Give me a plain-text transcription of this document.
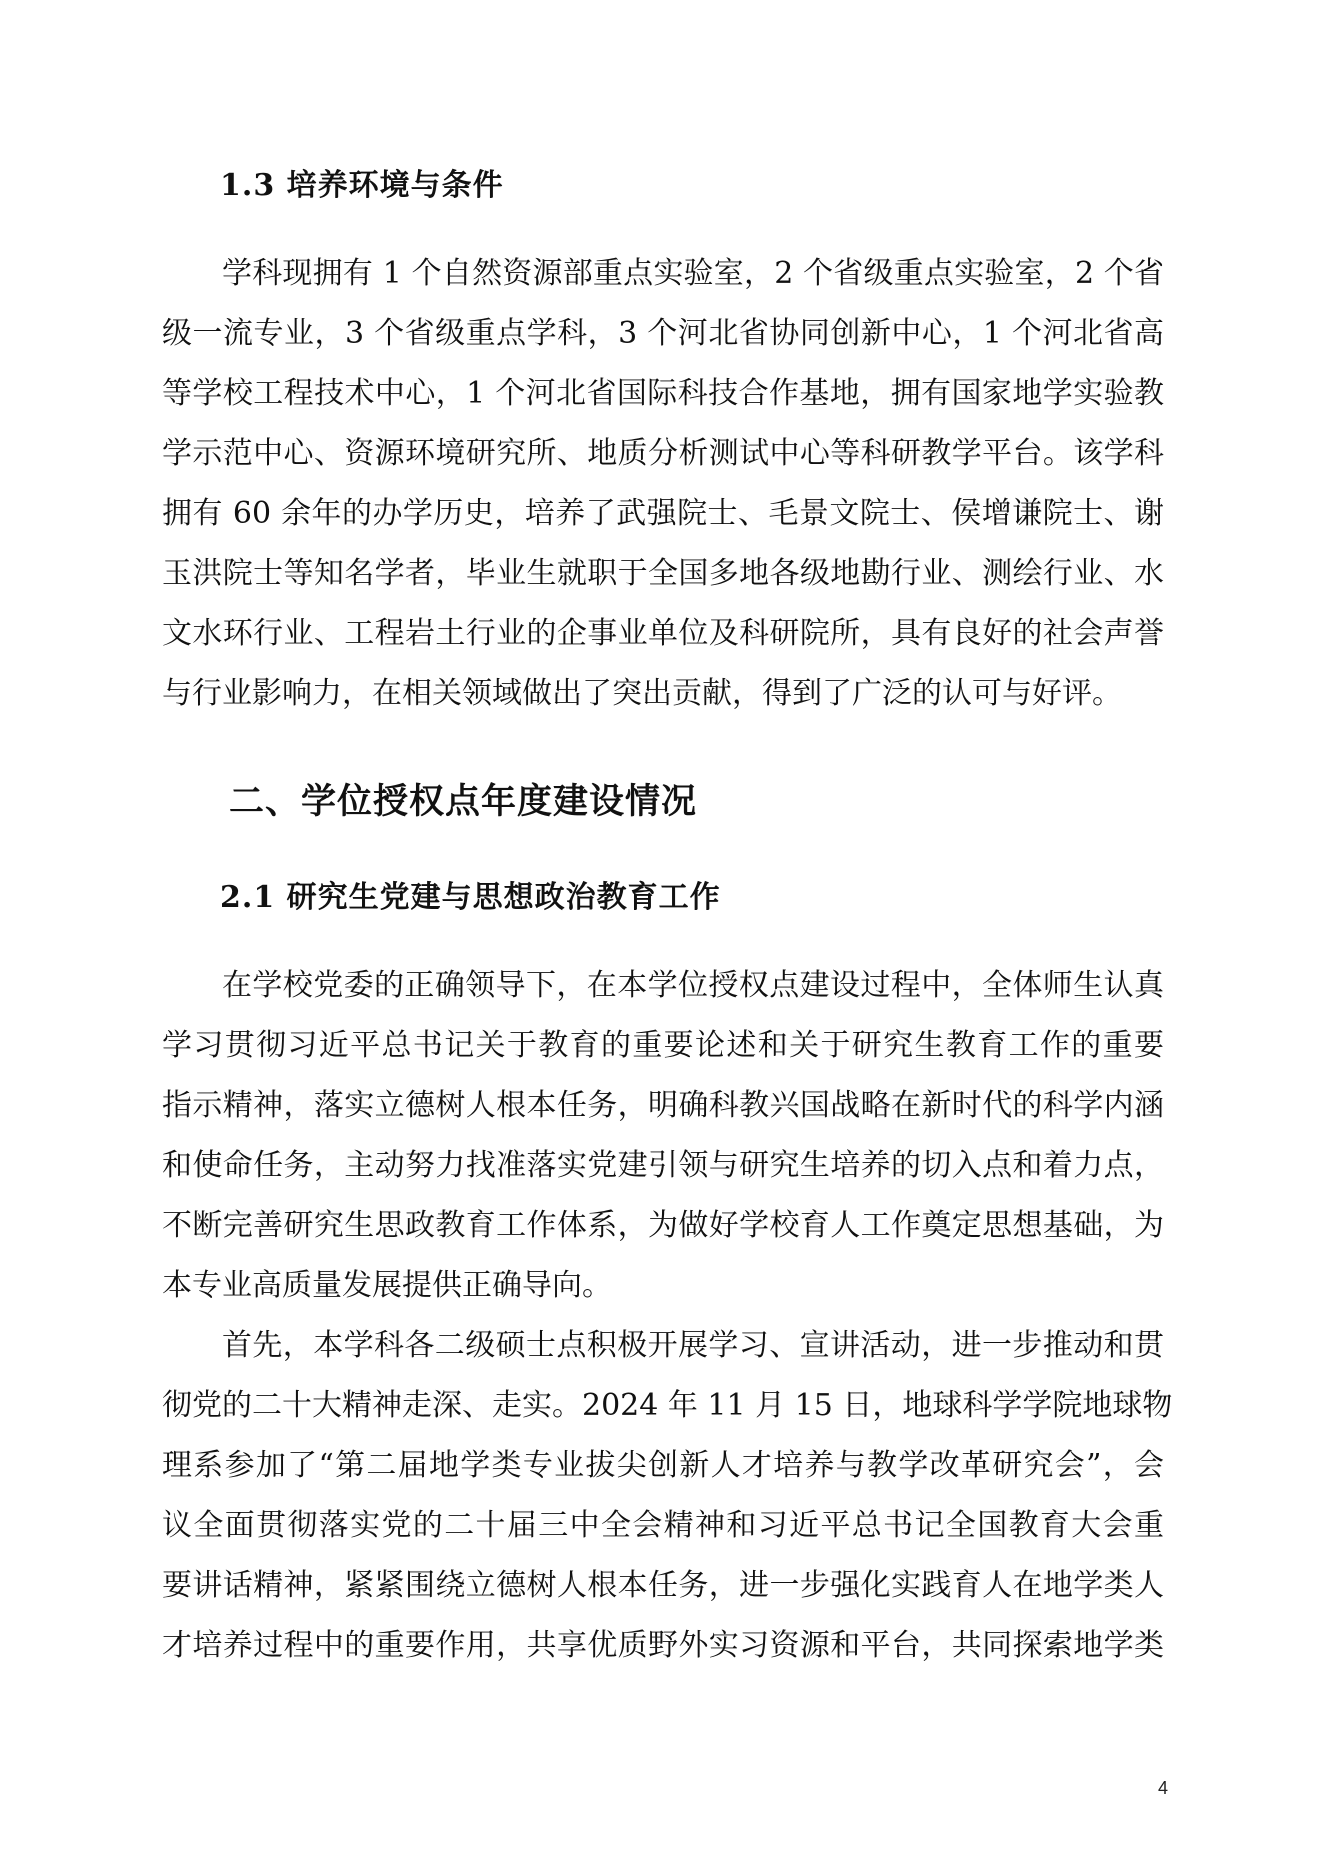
1.3 培养环境与条件
学科现拥有 1 个自然资源部重点实验室，2 个省级重点实验室，2 个省
级一流专业，3 个省级重点学科，3 个河北省协同创新中心，1 个河北省高
等学校工程技术中心，1 个河北省国际科技合作基地，拥有国家地学实验教
学示范中心、资源环境研究所、地质分析测试中心等科研教学平台。该学科
拥有 60 余年的办学历史，培养了武强院士、毛景文院士、侯增谦院士、谢
玉洪院士等知名学者，毕业生就职于全国多地各级地勘行业、测绘行业、水
文水环行业、工程岩土行业的企事业单位及科研院所，具有良好的社会声誉
与行业影响力，在相关领域做出了突出贡献，得到了广泛的认可与好评。
二、学位授权点年度建设情况
2.1 研究生党建与思想政治教育工作
在学校党委的正确领导下，在本学位授权点建设过程中，全体师生认真
学习贯彻习近平总书记关于教育的重要论述和关于研究生教育工作的重要
指示精神，落实立德树人根本任务，明确科教兴国战略在新时代的科学内涵
和使命任务，主动努力找准落实党建引领与研究生培养的切入点和着力点，
不断完善研究生思政教育工作体系，为做好学校育人工作奠定思想基础，为
本专业高质量发展提供正确导向。
首先，本学科各二级硕士点积极开展学习、宣讲活动，进一步推动和贯
彻党的二十大精神走深、走实。2024 年 11 月 15 日，地球科学学院地球物
理系参加了“第二届地学类专业拔尖创新人才培养与教学改革研究会”，会
议全面贯彻落实党的二十届三中全会精神和习近平总书记全国教育大会重
要讲话精神，紧紧围绕立德树人根本任务，进一步强化实践育人在地学类人
才培养过程中的重要作用，共享优质野外实习资源和平台，共同探索地学类
4
